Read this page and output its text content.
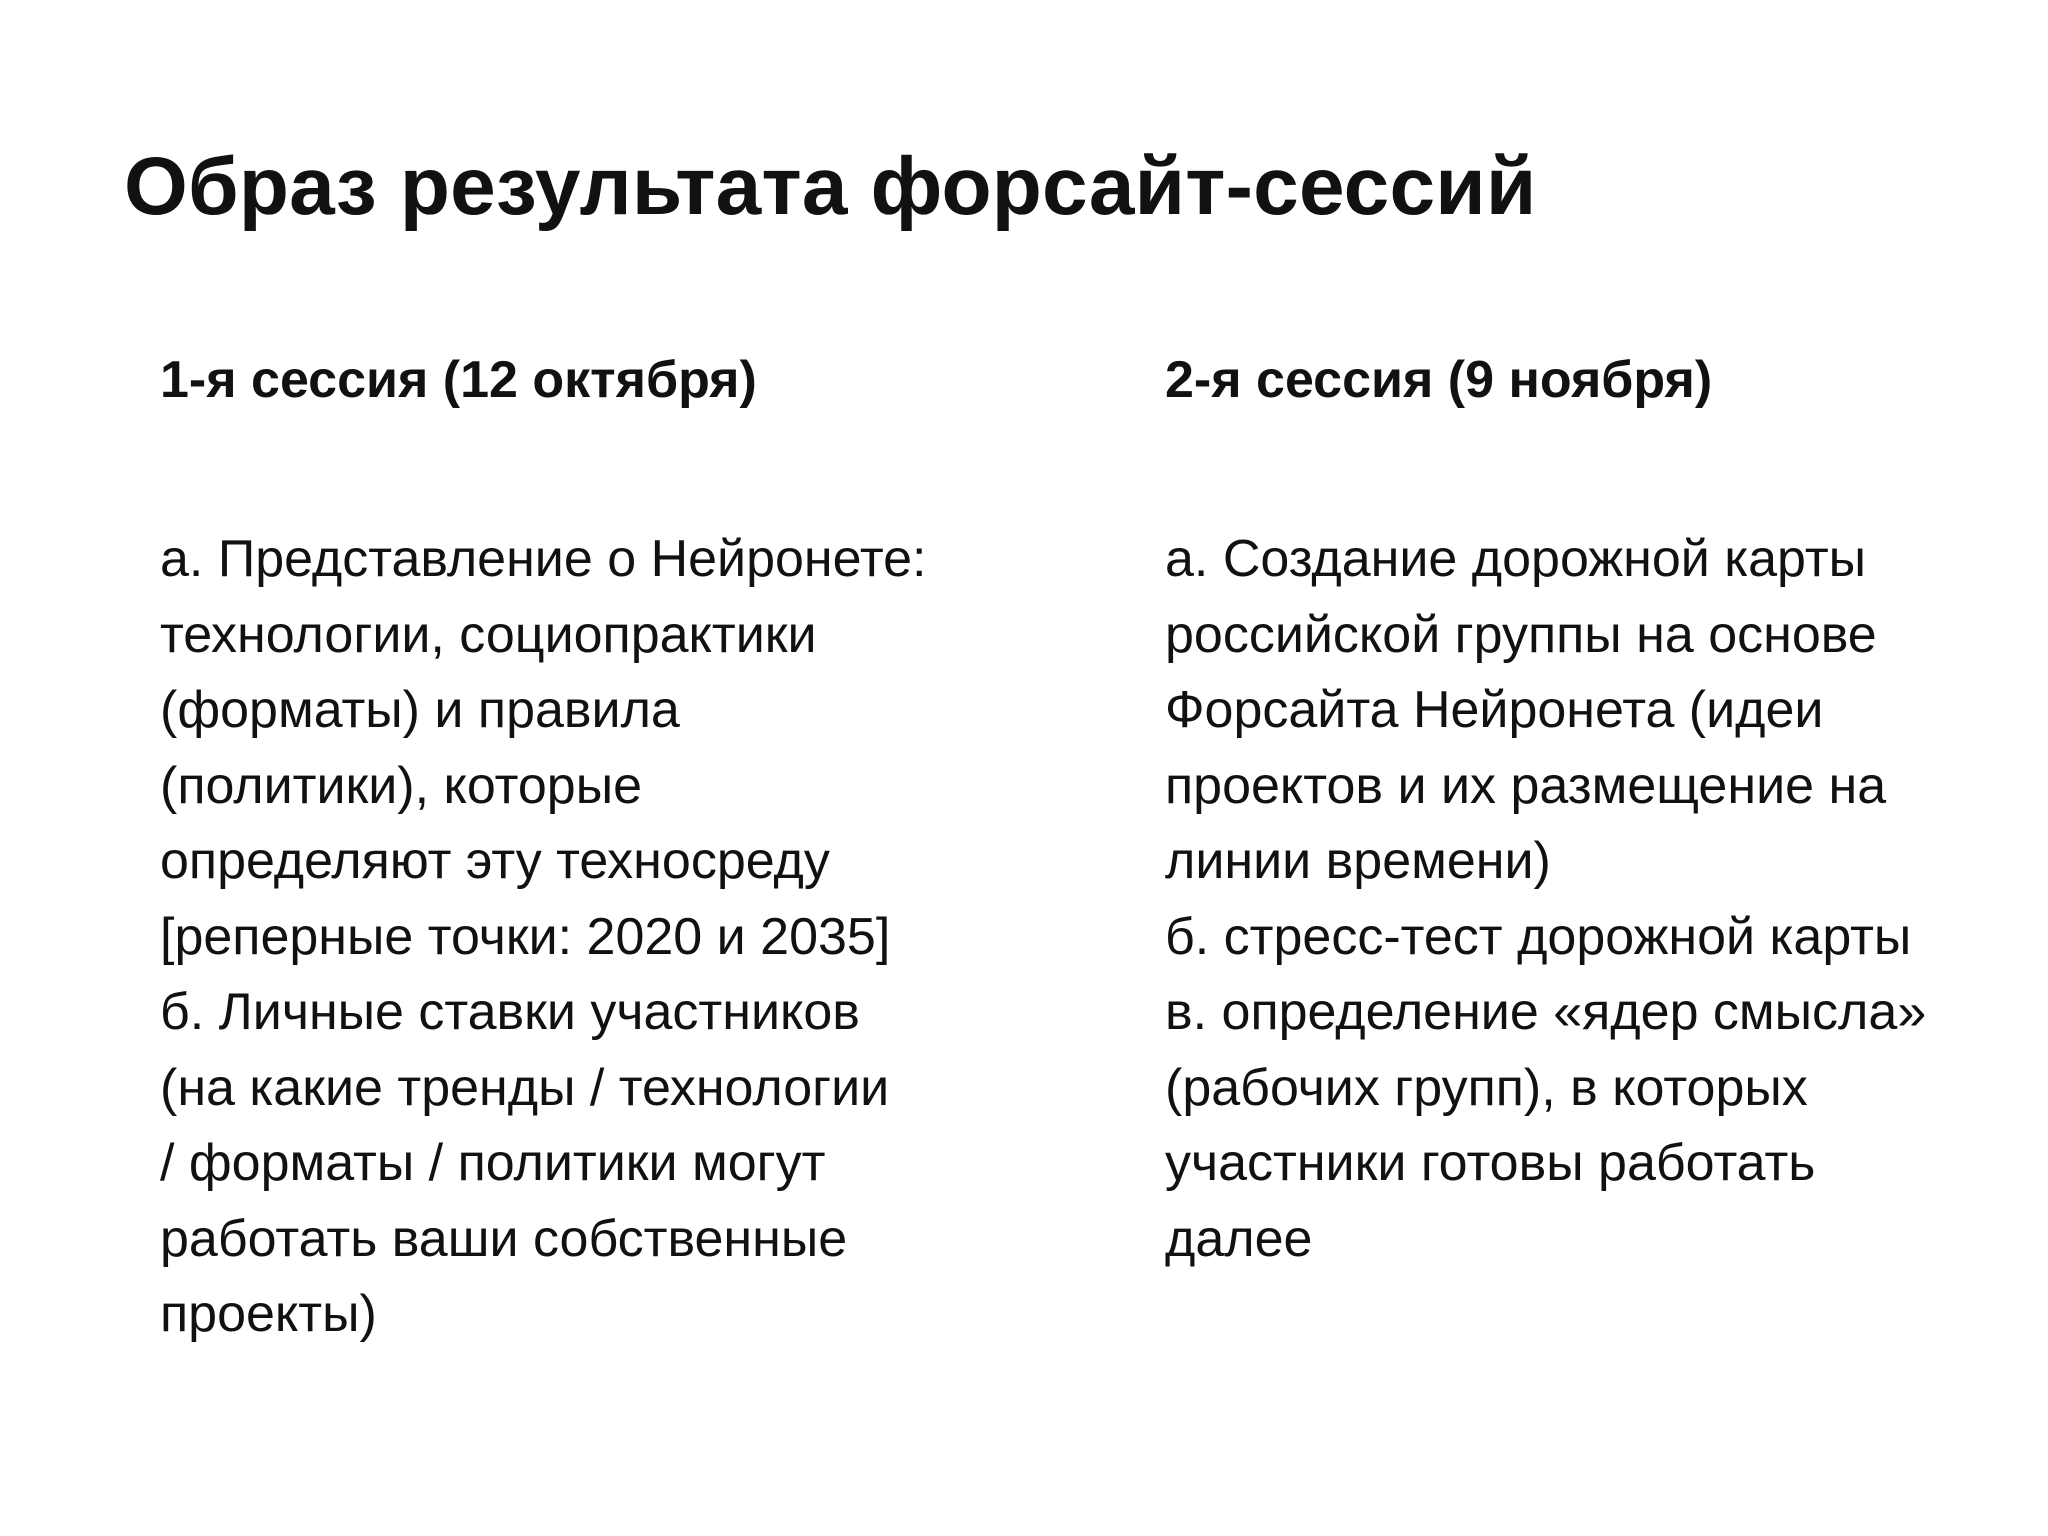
Образ результата форсайт-сессий
1-я сессия (12 октября)
а. Представление о Нейронете:
технологии, социопрактики
(форматы) и правила
(политики), которые
определяют эту техносреду
[реперные точки: 2020 и 2035]
б. Личные ставки участников
(на какие тренды / технологии
/ форматы / политики могут
работать ваши собственные
проекты)
2-я сессия (9 ноября)
а. Создание дорожной карты
российской группы на основе
Форсайта Нейронета (идеи
проектов и их размещение на
линии времени)
б. стресс-тест дорожной карты
в. определение «ядер смысла»
(рабочих групп), в которых
участники готовы работать
далее
